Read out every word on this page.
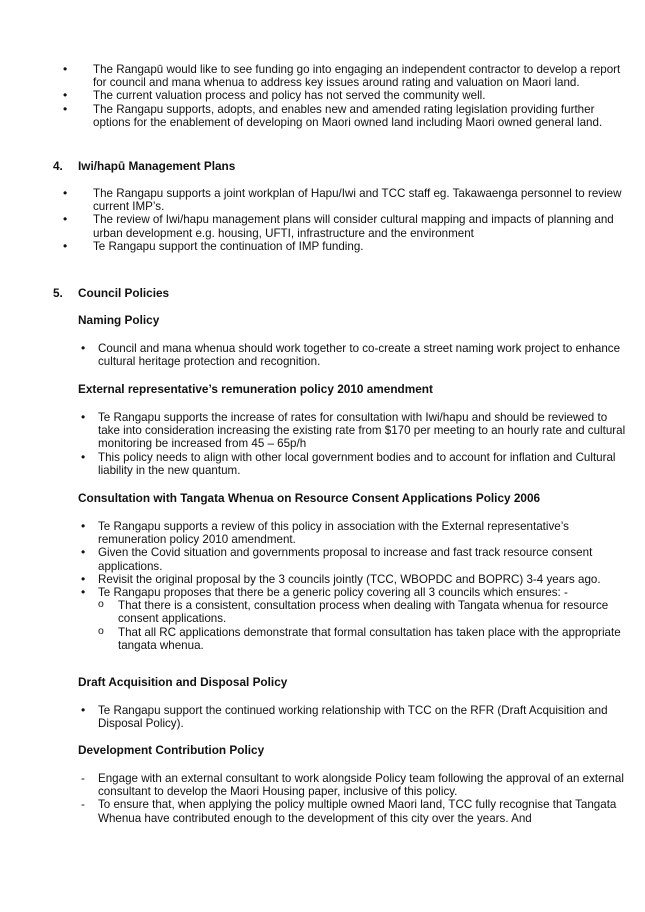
• The Rangapū would like to see funding go into engaging an independent contractor to develop a report for council and mana whenua to address key issues around rating and valuation on Maori land.
• The current valuation process and policy has not served the community well.
• The Rangapu supports, adopts, and enables new and amended rating legislation providing further options for the enablement of developing on Maori owned land including Maori owned general land.
4. Iwi/hapū Management Plans
• The Rangapu supports a joint workplan of Hapu/Iwi and TCC staff eg. Takawaenga personnel to review current IMP’s.
• The review of Iwi/hapu management plans will consider cultural mapping and impacts of planning and urban development e.g. housing, UFTI, infrastructure and the environment
• Te Rangapu support the continuation of IMP funding.
5. Council Policies
Naming Policy
• Council and mana whenua should work together to co-create a street naming work project to enhance cultural heritage protection and recognition.
External representative’s remuneration policy 2010 amendment
• Te Rangapu supports the increase of rates for consultation with Iwi/hapu and should be reviewed to take into consideration increasing the existing rate from $170 per meeting to an hourly rate and cultural monitoring be increased from 45 – 65p/h
• This policy needs to align with other local government bodies and to account for inflation and Cultural liability in the new quantum.
Consultation with Tangata Whenua on Resource Consent Applications Policy 2006
• Te Rangapu supports a review of this policy in association with the External representative’s remuneration policy 2010 amendment.
• Given the Covid situation and governments proposal to increase and fast track resource consent applications.
• Revisit the original proposal by the 3 councils jointly (TCC, WBOPDC and BOPRC) 3-4 years ago.
• Te Rangapu proposes that there be a generic policy covering all 3 councils which ensures: -
o That there is a consistent, consultation process when dealing with Tangata whenua for resource consent applications.
o That all RC applications demonstrate that formal consultation has taken place with the appropriate tangata whenua.
Draft Acquisition and Disposal Policy
• Te Rangapu support the continued working relationship with TCC on the RFR (Draft Acquisition and Disposal Policy).
Development Contribution Policy
- Engage with an external consultant to work alongside Policy team following the approval of an external consultant to develop the Maori Housing paper, inclusive of this policy.
- To ensure that, when applying the policy multiple owned Maori land, TCC fully recognise that Tangata Whenua have contributed enough to the development of this city over the years. And
